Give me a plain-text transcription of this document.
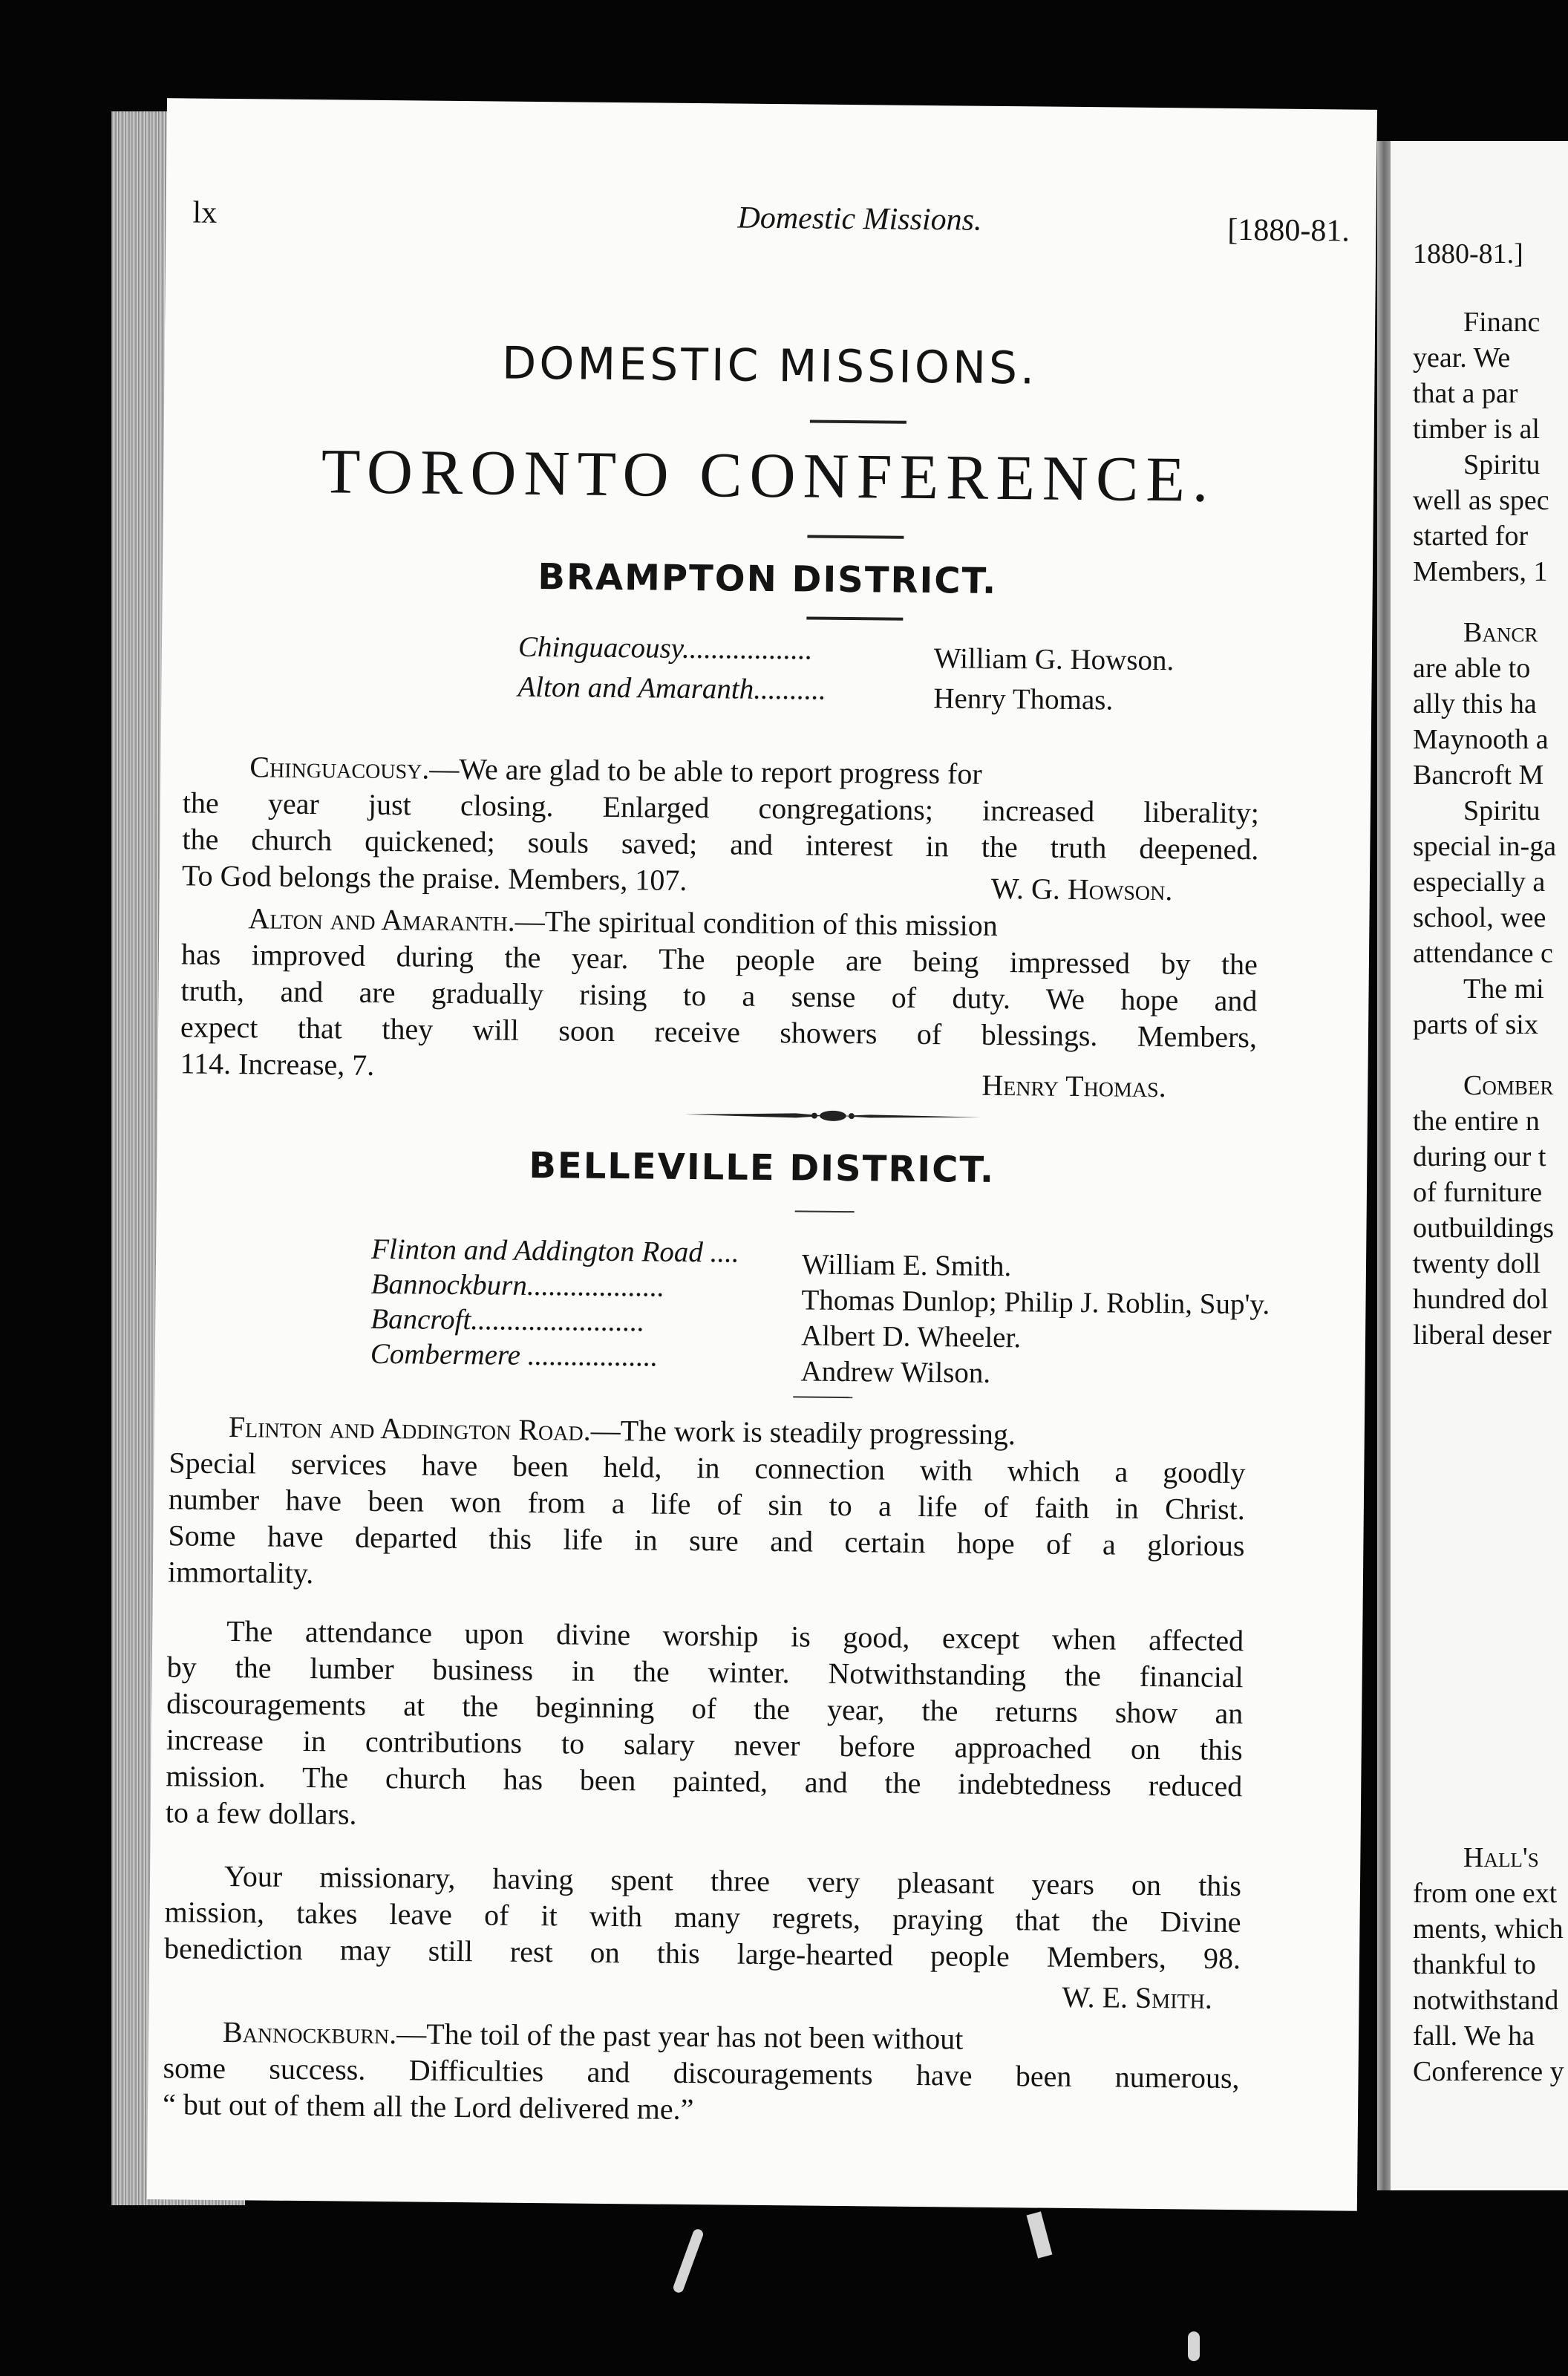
lx	Domestic Missions.	[1880-81.
DOMESTIC MISSIONS.
TORONTO CONFERENCE.
BRAMPTON DISTRICT.
Chinguacousy..................	William G. Howson.
Alton and Amaranth..........	Henry Thomas.
Chinguacousy.—We are glad to be able to report progress for
the year just closing. Enlarged congregations; increased liberality;
the church quickened; souls saved; and interest in the truth deepened.
To God belongs the praise. Members, 107.	W. G. Howson.
Alton and Amaranth.—The spiritual condition of this mission
has improved during the year. The people are being impressed by the
truth, and are gradually rising to a sense of duty. We hope and
expect that they will soon receive showers of blessings. Members,
114. Increase, 7.
Henry Thomas.
BELLEVILLE DISTRICT.
Flinton and Addington Road .... William E. Smith.
Bannockburn...................	Thomas Dunlop; Philip J. Roblin, Sup'y.
Bancroft........................	Albert D. Wheeler.
Combermere ..................	Andrew Wilson.
Flinton and Addington Road.—The work is steadily progressing.
Special services have been held, in connection with which a goodly
number have been won from a life of sin to a life of faith in Christ.
Some have departed this life in sure and certain hope of a glorious
immortality.
The attendance upon divine worship is good, except when affected
by the lumber business in the winter. Notwithstanding the financial
discouragements at the beginning of the year, the returns show an
increase in contributions to salary never before approached on this
mission. The church has been painted, and the indebtedness reduced
to a few dollars.
Your missionary, having spent three very pleasant years on this
mission, takes leave of it with many regrets, praying that the Divine
benediction may still rest on this large-hearted people Members, 98.
W. E. Smith.
Bannockburn.—The toil of the past year has not been without
some success. Difficulties and discouragements have been numerous,
“ but out of them all the Lord delivered me.”
1880-81.]
Financ
year. We
that a par
timber is al
Spiritu
well as spec
started for
Members, 1
Bancr
are able to
ally this ha
Maynooth a
Bancroft M
Spiritu
special in-ga
especially a
school, wee
attendance c
The mi
parts of six
Comber
the entire n
during our t
of furniture
outbuildings
twenty doll
hundred dol
liberal deser
Hall's
from one ext
ments, which
thankful to
notwithstand
fall. We ha
Conference y
